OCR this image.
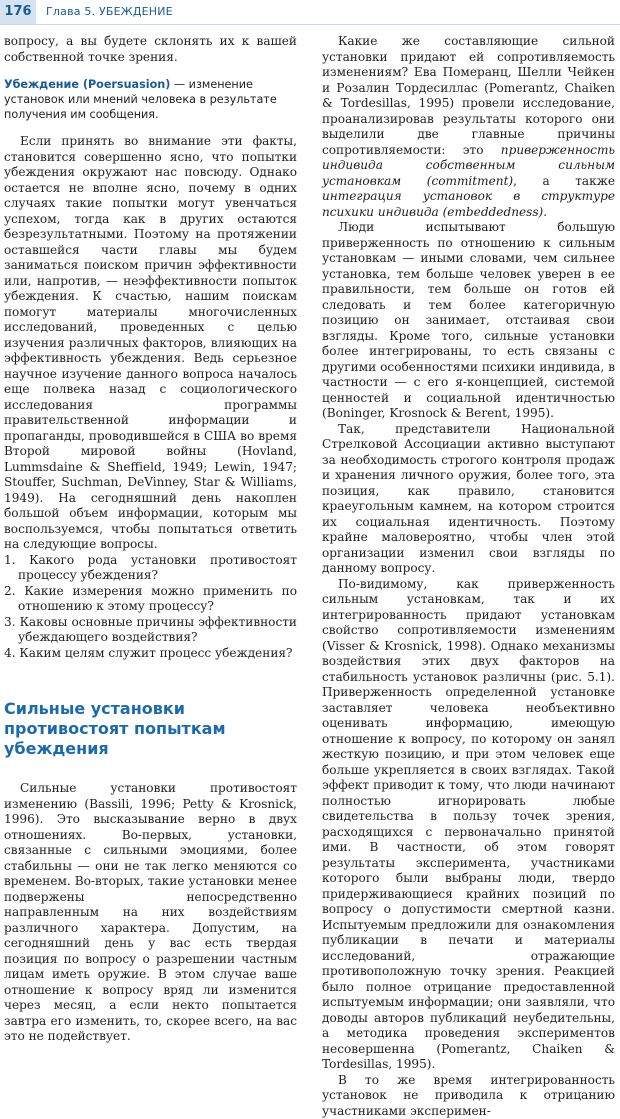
176	Глава 5. УБЕЖДЕНИЕ

вопросу, а вы будете склонять их к вашей собственной точке зрения.

Убеждение (Poersuasion) — изменение установок или мнений человека в результате получения им сообщения.

Если принять во внимание эти факты, становится совершенно ясно, что попытки убеждения окружают нас повсюду. Однако остается не вполне ясно, почему в одних случаях такие попытки могут увенчаться успехом, тогда как в других остаются безрезультатными. Поэтому на протяжении оставшейся части главы мы будем заниматься поиском причин эффективности или, напротив, — неэффективности попыток убеждения. К счастью, нашим поискам помогут материалы многочисленных исследований, проведенных с целью изучения различных факторов, влияющих на эффективность убеждения. Ведь серьезное научное изучение данного вопроса началось еще полвека назад с социологического исследования программы правительственной информации и пропаганды, проводившейся в США во время Второй мировой войны (Hovland, Lummsdaine & Sheffield, 1949; Lewin, 1947; Stouffer, Suchman, DeVinney, Star & Williams, 1949). На сегодняшний день накоплен большой объем информации, которым мы воспользуемся, чтобы попытаться ответить на следующие вопросы.

1. Какого рода установки противостоят процессу убеждения?
2. Какие измерения можно применить по отношению к этому процессу?
3. Каковы основные причины эффективности убеждающего воздействия?
4. Каким целям служит процесс убеждения?
Сильные установки противостоят попыткам убеждения

Сильные установки противостоят изменению (Bassili, 1996; Petty & Krosnick, 1996). Это высказывание верно в двух отношениях. Во-первых, установки, связанные с сильными эмоциями, более стабильны — они не так легко меняются со временем. Во-вторых, такие установки менее подвержены непосредственно направленным на них воздействиям различного характера. Допустим, на сегодняшний день у вас есть твердая позиция по вопросу о разрешении частным лицам иметь оружие. В этом случае ваше отношение к вопросу вряд ли изменится через месяц, а если некто попытается завтра его изменить, то, скорее всего, на вас это не подействует.

Какие же составляющие сильной установки придают ей сопротивляемость изменениям? Ева Померанц, Шелли Чейкен и Розалин Тордесиллас (Pomerantz, Chaiken & Tordesillas, 1995) провели исследование, проанализировав результаты которого они выделили две главные причины сопротивляемости: это приверженность индивида собственным сильным установкам (commitment), а также интеграция установок в структуре психики индивида (embeddedness).

Люди испытывают большую приверженность по отношению к сильным установкам — иными словами, чем сильнее установка, тем больше человек уверен в ее правильности, тем больше он готов ей следовать и тем более категоричную позицию он занимает, отстаивая свои взгляды. Кроме того, сильные установки более интегрированы, то есть связаны с другими особенностями психики индивида, в частности — с его я-концепцией, системой ценностей и социальной идентичностью (Boninger, Krosnock & Berent, 1995).

Так, представители Национальной Стрелковой Ассоциации активно выступают за необходимость строгого контроля продаж и хранения личного оружия, более того, эта позиция, как правило, становится краеугольным камнем, на котором строится их социальная идентичность. Поэтому крайне маловероятно, чтобы член этой организации изменил свои взгляды по данному вопросу.

По-видимому, как приверженность сильным установкам, так и их интегрированность придают установкам свойство сопротивляемости изменениям (Visser & Krosnick, 1998). Однако механизмы воздействия этих двух факторов на стабильность установок различны (рис. 5.1). Приверженность определенной установке заставляет человека необъективно оценивать информацию, имеющую отношение к вопросу, по которому он занял жесткую позицию, и при этом человек еще больше укрепляется в своих взглядах. Такой эффект приводит к тому, что люди начинают полностью игнорировать любые свидетельства в пользу точек зрения, расходящихся с первоначально принятой ими. В частности, об этом говорят результаты эксперимента, участниками которого были выбраны люди, твердо придерживающиеся крайних позиций по вопросу о допустимости смертной казни. Испытуемым предложили для ознакомления публикации в печати и материалы исследований, отражающие противоположную точку зрения. Реакцией было полное отрицание предоставленной испытуемым информации; они заявляли, что доводы авторов публикаций неубедительны, а методика проведения экспериментов несовершенна (Pomerantz, Chaiken & Tordesillas, 1995).

В то же время интегрированность установок не приводила к отрицанию участниками эксперимен-
